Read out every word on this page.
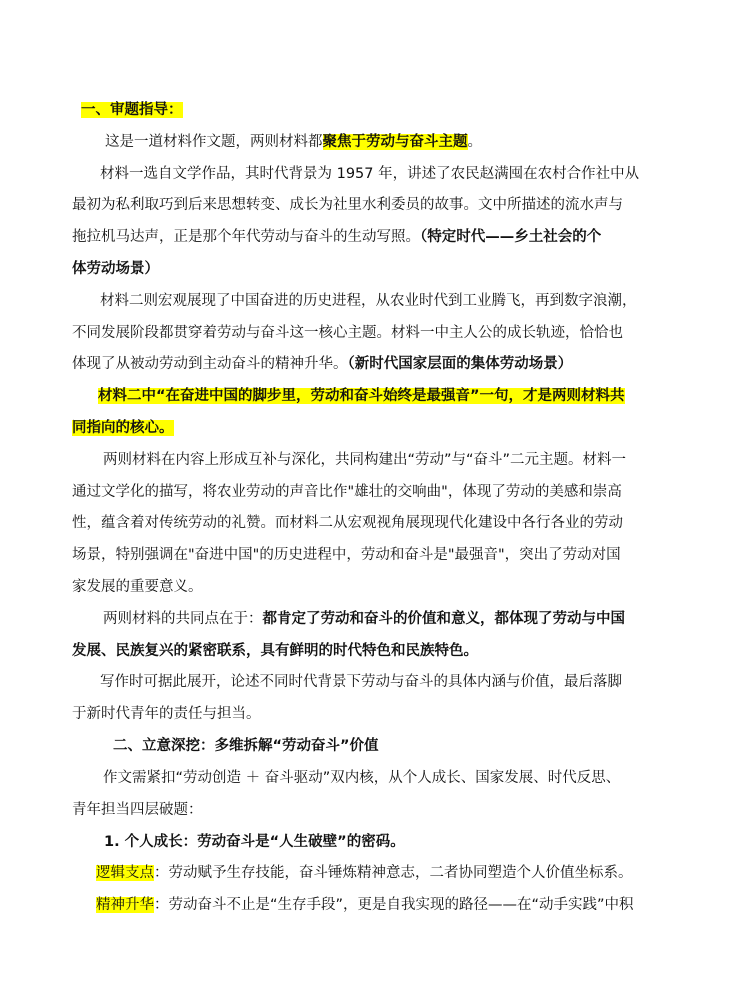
一、审题指导：
这是一道材料作文题，两则材料都聚焦于劳动与奋斗主题。
材料一选自文学作品，其时代背景为 1957 年，讲述了农民赵满囤在农村合作社中从
最初为私利取巧到后来思想转变、成长为社里水利委员的故事。文中所描述的流水声与
拖拉机马达声，正是那个年代劳动与奋斗的生动写照。（特定时代——乡土社会的个
体劳动场景）
材料二则宏观展现了中国奋进的历史进程，从农业时代到工业腾飞，再到数字浪潮，
不同发展阶段都贯穿着劳动与奋斗这一核心主题。材料一中主人公的成长轨迹，恰恰也
体现了从被动劳动到主动奋斗的精神升华。（新时代国家层面的集体劳动场景）
材料二中“在奋进中国的脚步里，劳动和奋斗始终是最强音”一句，才是两则材料共
同指向的核心。
两则材料在内容上形成互补与深化，共同构建出“劳动”与“奋斗”二元主题。材料一
通过文学化的描写，将农业劳动的声音比作"雄壮的交响曲"，体现了劳动的美感和崇高
性，蕴含着对传统劳动的礼赞。而材料二从宏观视角展现现代化建设中各行各业的劳动
场景，特别强调在"奋进中国"的历史进程中，劳动和奋斗是"最强音"，突出了劳动对国
家发展的重要意义。
两则材料的共同点在于：都肯定了劳动和奋斗的价值和意义，都体现了劳动与中国
发展、民族复兴的紧密联系，具有鲜明的时代特色和民族特色。
写作时可据此展开，论述不同时代背景下劳动与奋斗的具体内涵与价值，最后落脚
于新时代青年的责任与担当。
二、立意深挖：多维拆解“劳动奋斗”价值
作文需紧扣“劳动创造 ＋ 奋斗驱动”双内核，从个人成长、国家发展、时代反思、
青年担当四层破题：
1. 个人成长：劳动奋斗是“人生破壁”的密码。
逻辑支点：劳动赋予生存技能，奋斗锤炼精神意志，二者协同塑造个人价值坐标系。
精神升华：劳动奋斗不止是“生存手段”，更是自我实现的路径——在“动手实践”中积
